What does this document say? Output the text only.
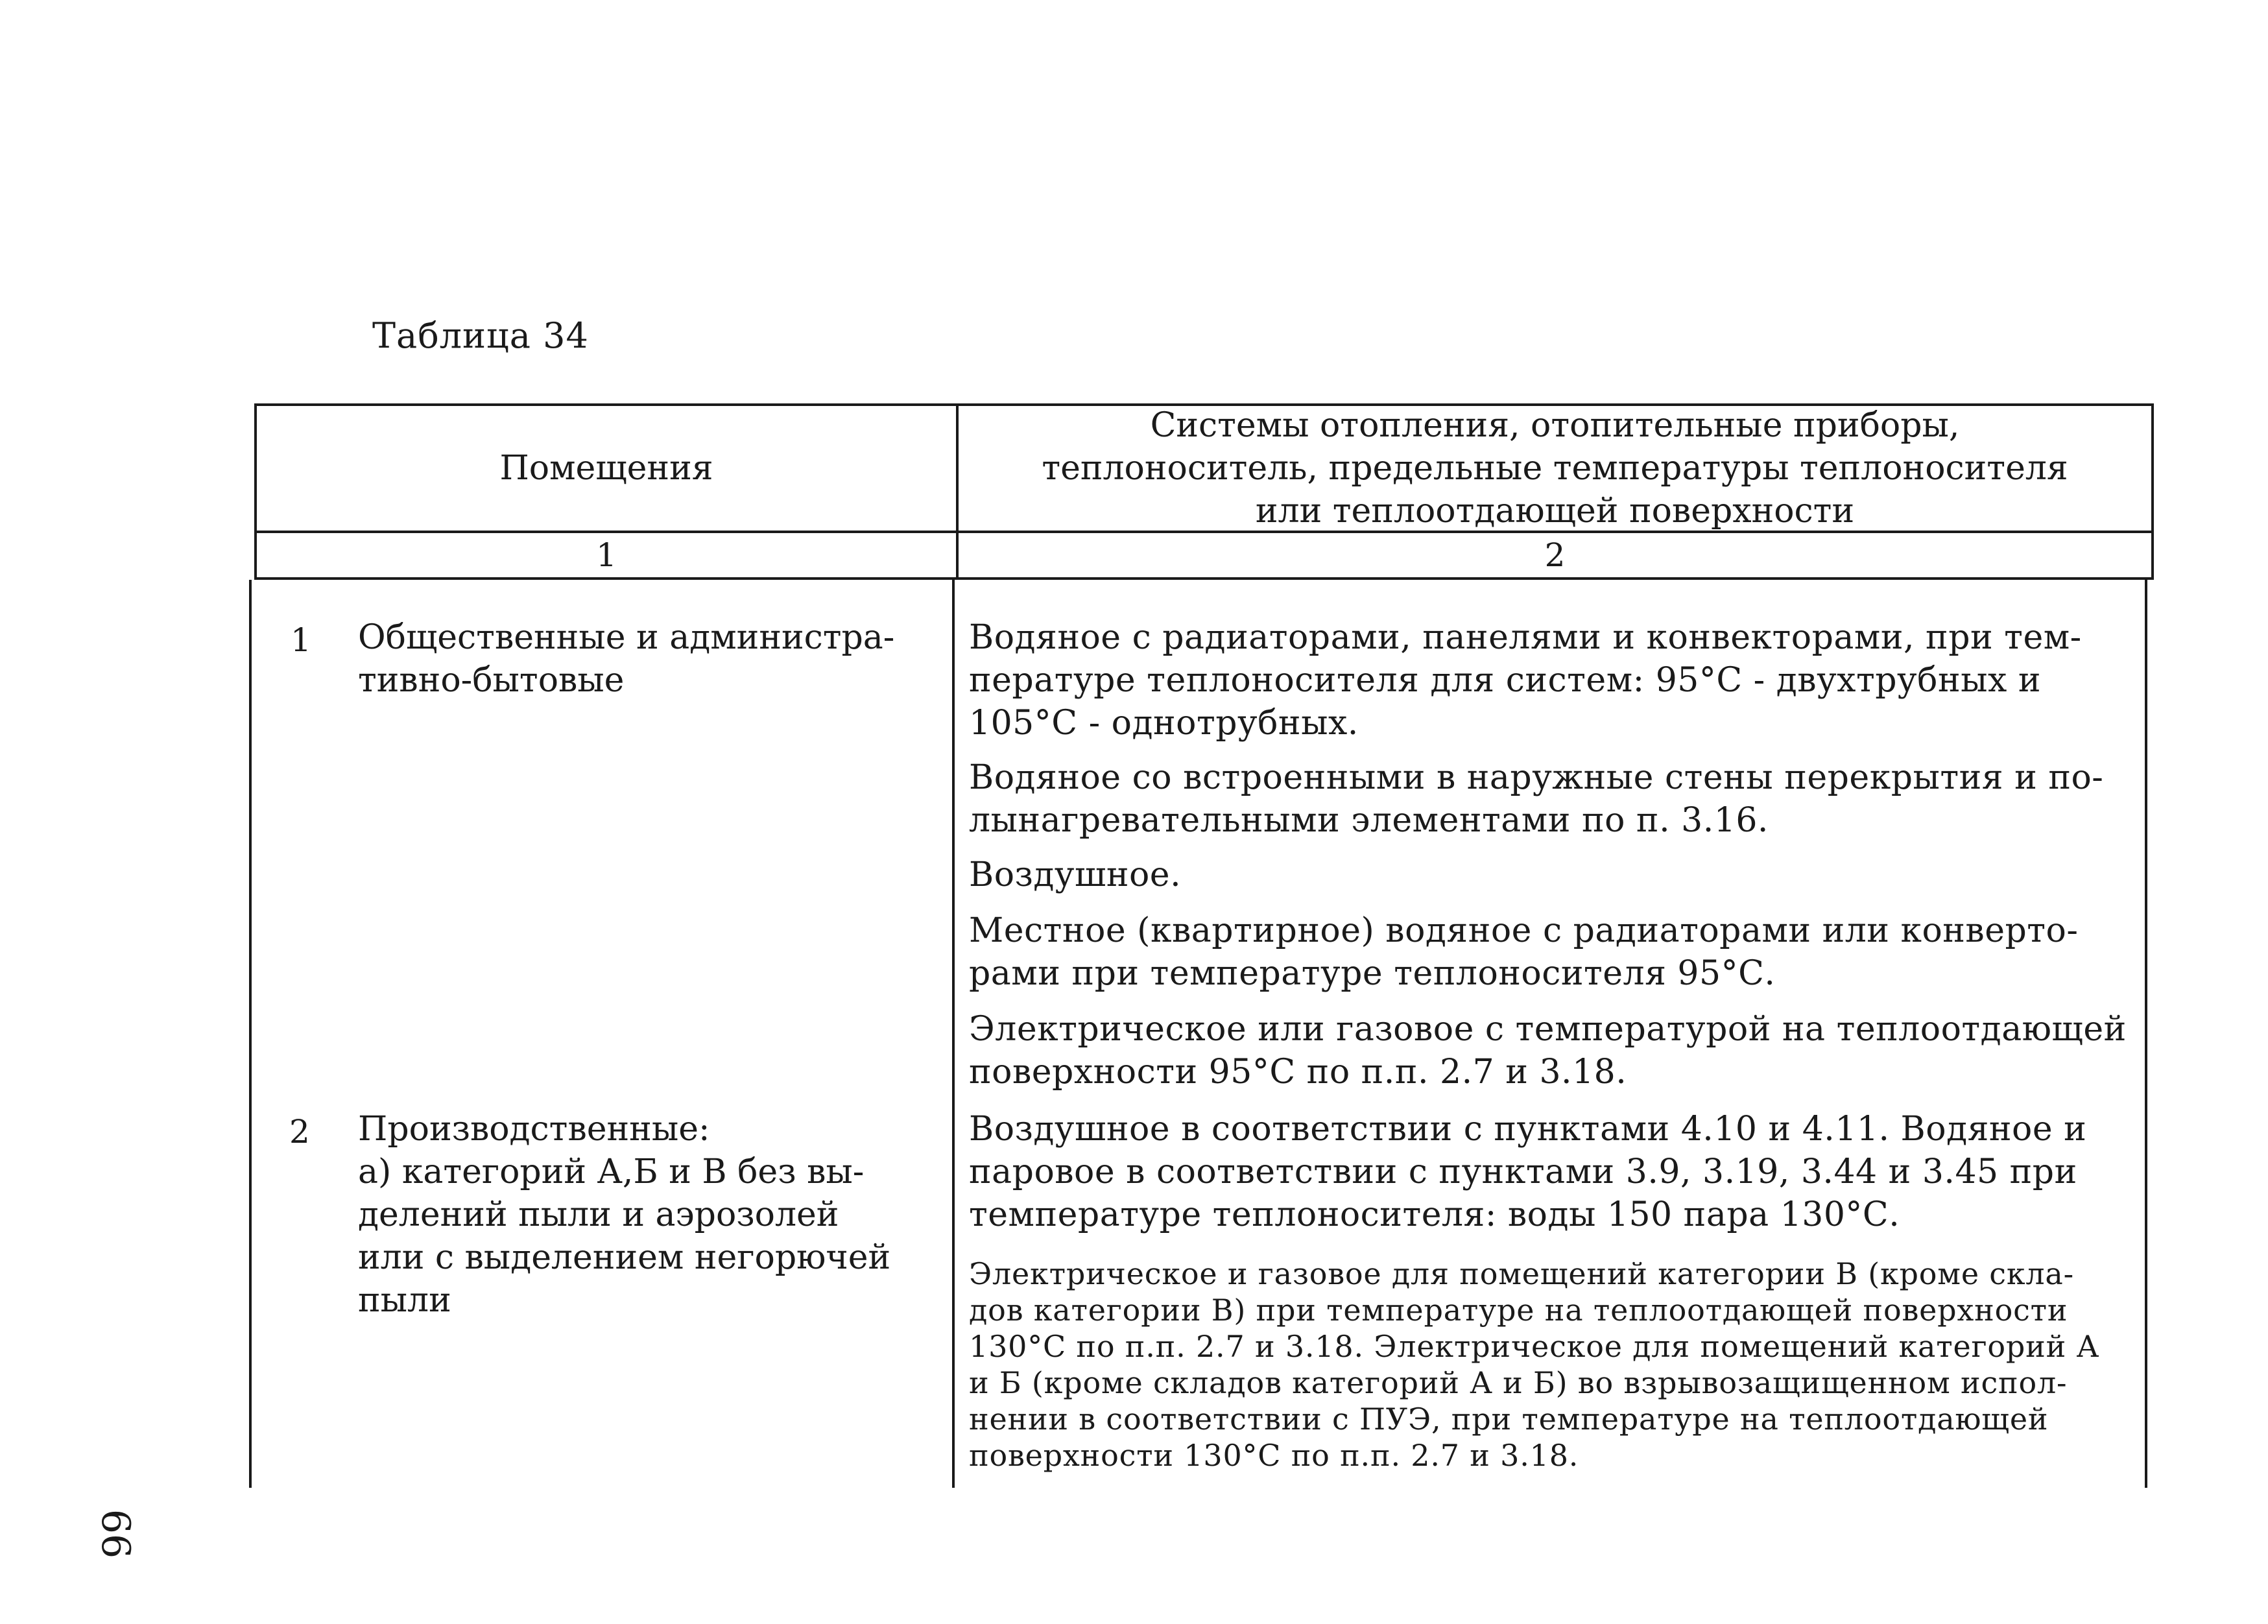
Таблица 34
66
Помещения
Системы отопления, отопительные приборы,
теплоноситель, предельные температуры теплоносителя
или теплоотдающей поверхности
1	2
1 Общественные и администра-
тивно-бытовые
Водяное с радиаторами, панелями и конвекторами, при тем-
пературе теплоносителя для систем: 95°С - двухтрубных и
105°С - однотрубных.
Водяное со встроенными в наружные стены перекрытия и по-
лынагревательными элементами по п. 3.16.
Воздушное.
Местное (квартирное) водяное с радиаторами или конверто-
рами при температуре теплоносителя 95°С.
Электрическое или газовое с температурой на теплоотдающей
поверхности 95°С по п.п. 2.7 и 3.18.
2 Производственные:
а) категорий А,Б и В без вы-
делений пыли и аэрозолей
или с выделением негорючей
пыли
Воздушное в соответствии с пунктами 4.10 и 4.11. Водяное и
паровое в соответствии с пунктами 3.9, 3.19, 3.44 и 3.45 при
температуре теплоносителя: воды 150 пара 130°С.
Электрическое и газовое для помещений категории В (кроме скла-
дов категории В) при температуре на теплоотдающей поверхности
130°С по п.п. 2.7 и 3.18. Электрическое для помещений категорий А
и Б (кроме складов категорий А и Б) во взрывозащищенном испол-
нении в соответствии с ПУЭ, при температуре на теплоотдающей
поверхности 130°С по п.п. 2.7 и 3.18.
